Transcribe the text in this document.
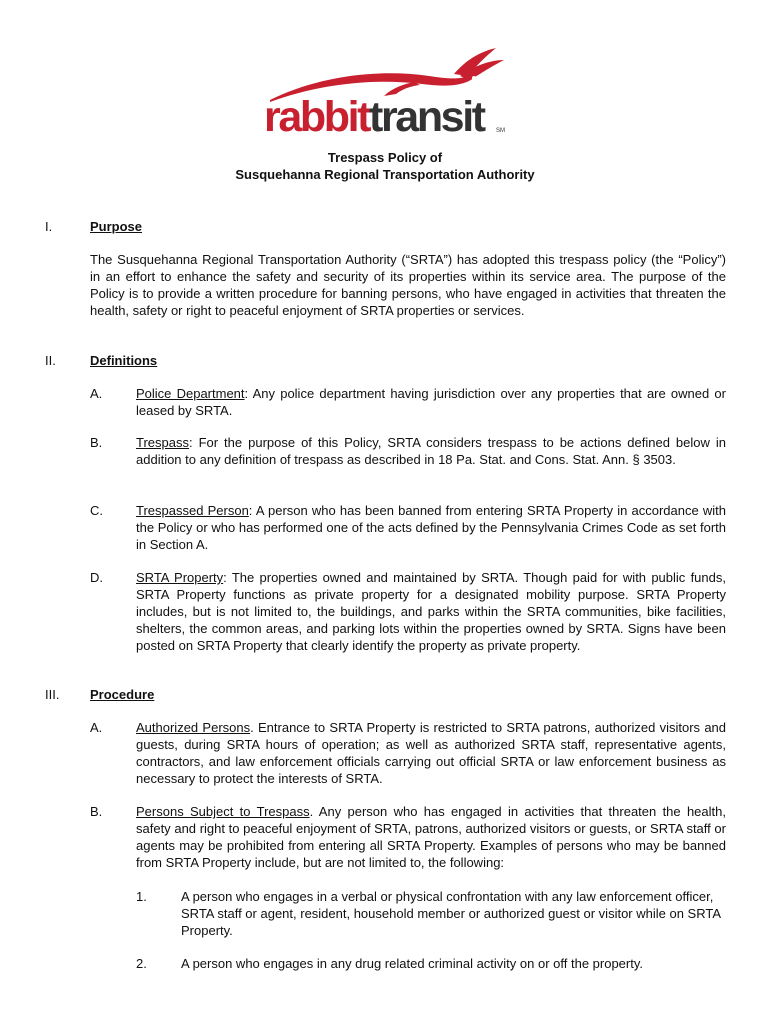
rabbittransit SM
Trespass Policy of
Susquehanna Regional Transportation Authority
I.	Purpose
The Susquehanna Regional Transportation Authority (“SRTA”) has adopted this trespass policy (the “Policy”) in an effort to enhance the safety and security of its properties within its service area. The purpose of the Policy is to provide a written procedure for banning persons, who have engaged in activities that threaten the health, safety or right to peaceful enjoyment of SRTA properties or services.
II.	Definitions
A.	Police Department: Any police department having jurisdiction over any properties that are owned or leased by SRTA.
B.	Trespass: For the purpose of this Policy, SRTA considers trespass to be actions defined below in addition to any definition of trespass as described in 18 Pa. Stat. and Cons. Stat. Ann. § 3503.
C.	Trespassed Person: A person who has been banned from entering SRTA Property in accordance with the Policy or who has performed one of the acts defined by the Pennsylvania Crimes Code as set forth in Section A.
D.	SRTA Property: The properties owned and maintained by SRTA. Though paid for with public funds, SRTA Property functions as private property for a designated mobility purpose. SRTA Property includes, but is not limited to, the buildings, and parks within the SRTA communities, bike facilities, shelters, the common areas, and parking lots within the properties owned by SRTA. Signs have been posted on SRTA Property that clearly identify the property as private property.
III. Procedure
A.	Authorized Persons. Entrance to SRTA Property is restricted to SRTA patrons, authorized visitors and guests, during SRTA hours of operation; as well as authorized SRTA staff, representative agents, contractors, and law enforcement officials carrying out official SRTA or law enforcement business as necessary to protect the interests of SRTA.
B.	Persons Subject to Trespass. Any person who has engaged in activities that threaten the health, safety and right to peaceful enjoyment of SRTA, patrons, authorized visitors or guests, or SRTA staff or agents may be prohibited from entering all SRTA Property. Examples of persons who may be banned from SRTA Property include, but are not limited to, the following:
1.	A person who engages in a verbal or physical confrontation with any law enforcement officer, SRTA staff or agent, resident, household member or authorized guest or visitor while on SRTA Property.
2.	A person who engages in any drug related criminal activity on or off the property.
